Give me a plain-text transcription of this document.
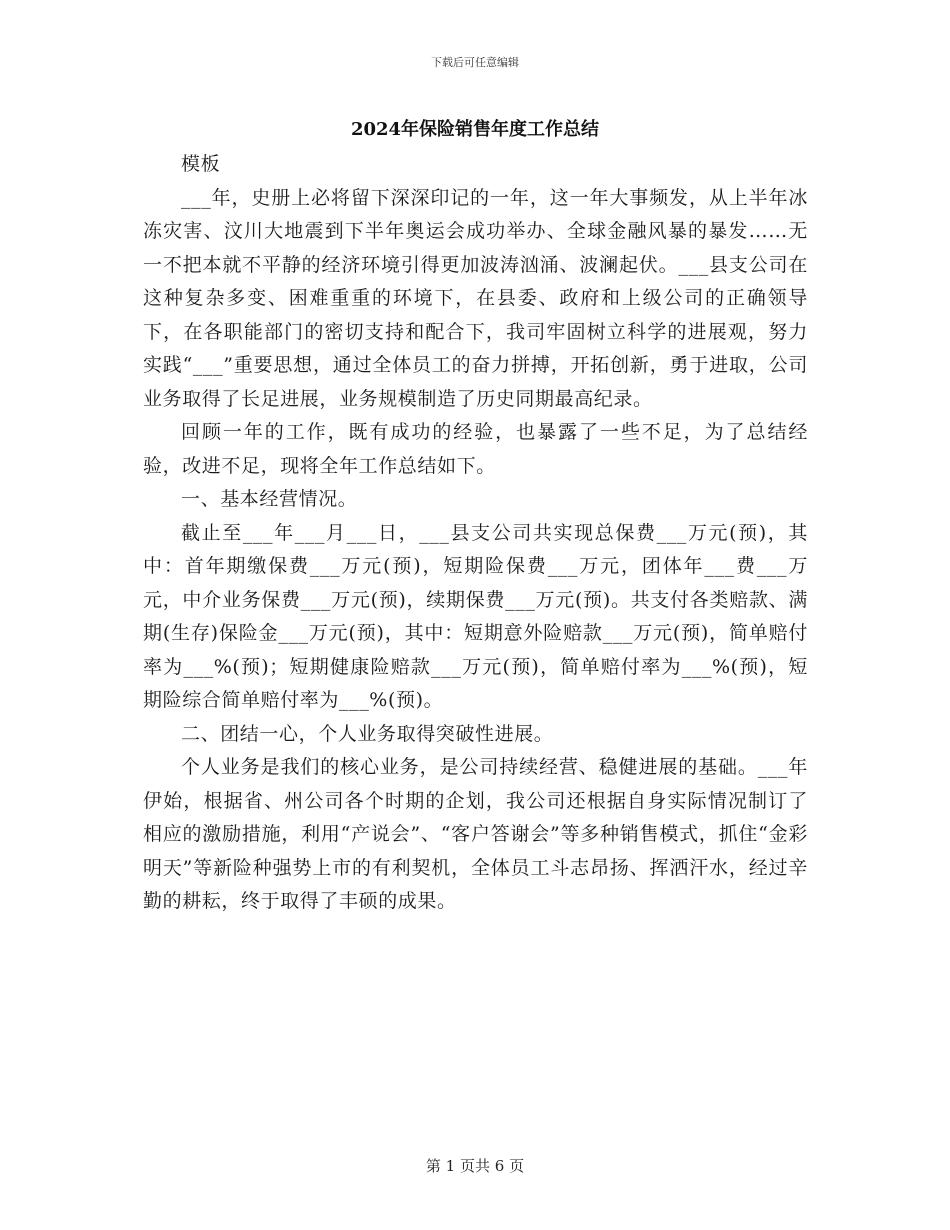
下载后可任意编辑
2024年保险销售年度工作总结

模板

___年，史册上必将留下深深印记的一年，这一年大事频发，从上半年冰冻灾害、汶川大地震到下半年奥运会成功举办、全球金融风暴的暴发……无一不把本就不平静的经济环境引得更加波涛汹涌、波澜起伏。___县支公司在这种复杂多变、困难重重的环境下，在县委、政府和上级公司的正确领导下，在各职能部门的密切支持和配合下，我司牢固树立科学的进展观，努力实践“___”重要思想，通过全体员工的奋力拼搏，开拓创新，勇于进取，公司业务取得了长足进展，业务规模制造了历史同期最高纪录。

回顾一年的工作，既有成功的经验，也暴露了一些不足，为了总结经验，改进不足，现将全年工作总结如下。

一、基本经营情况。

截止至___年___月___日，___县支公司共实现总保费___万元(预)，其中：首年期缴保费___万元(预)，短期险保费___万元，团体年___费___万元，中介业务保费___万元(预)，续期保费___万元(预)。共支付各类赔款、满期(生存)保险金___万元(预)，其中：短期意外险赔款___万元(预)，简单赔付率为___%(预)；短期健康险赔款___万元(预)，简单赔付率为___%(预)，短期险综合简单赔付率为___%(预)。

二、团结一心，个人业务取得突破性进展。

个人业务是我们的核心业务，是公司持续经营、稳健进展的基础。___年伊始，根据省、州公司各个时期的企划，我公司还根据自身实际情况制订了相应的激励措施，利用“产说会”、“客户答谢会”等多种销售模式，抓住“金彩明天”等新险种强势上市的有利契机，全体员工斗志昂扬、挥洒汗水，经过辛勤的耕耘，终于取得了丰硕的成果。

第 1 页共 6 页
